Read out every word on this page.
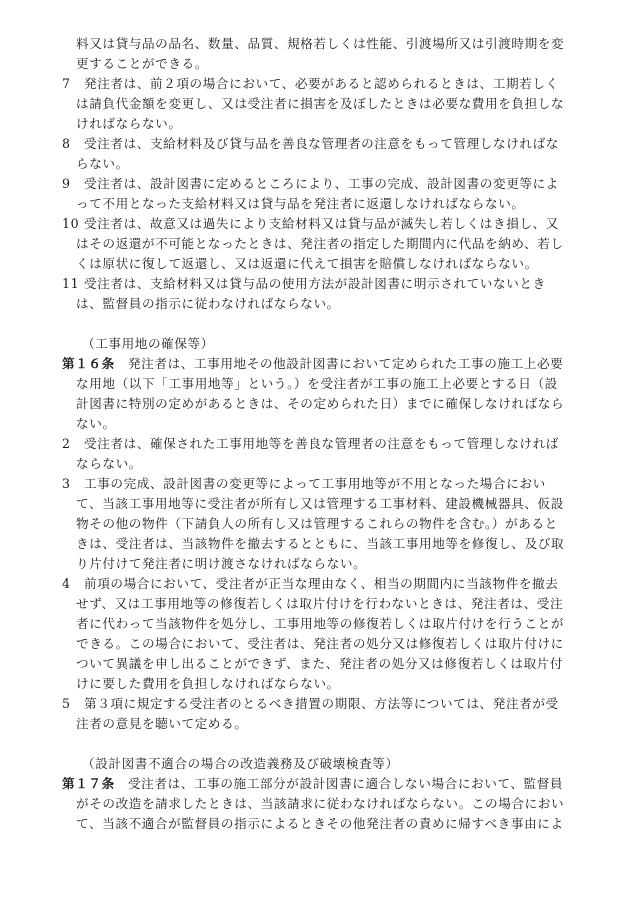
料又は貸与品の品名、数量、品質、規格若しくは性能、引渡場所又は引渡時期を変
更することができる。
7 発注者は、前２項の場合において、必要があると認められるときは、工期若しく
は請負代金額を変更し、又は受注者に損害を及ぼしたときは必要な費用を負担しな
ければならない。
8 受注者は、支給材料及び貸与品を善良な管理者の注意をもって管理しなければな
らない。
9 受注者は、設計図書に定めるところにより、工事の完成、設計図書の変更等によ
って不用となった支給材料又は貸与品を発注者に返還しなければならない。
10 受注者は、故意又は過失により支給材料又は貸与品が滅失し若しくはき損し、又
はその返還が不可能となったときは、発注者の指定した期間内に代品を納め、若し
くは原状に復して返還し、又は返還に代えて損害を賠償しなければならない。
11 受注者は、支給材料又は貸与品の使用方法が設計図書に明示されていないとき
は、監督員の指示に従わなければならない。
（工事用地の確保等）
第１６条　 発注者は、工事用地その他設計図書において定められた工事の施工上必要
な用地（以下「工事用地等」という。）を受注者が工事の施工上必要とする日（設
計図書に特別の定めがあるときは、その定められた日）までに確保しなければなら
ない。
2 受注者は、確保された工事用地等を善良な管理者の注意をもって管理しなければ
ならない。
3 工事の完成、設計図書の変更等によって工事用地等が不用となった場合におい
て、当該工事用地等に受注者が所有し又は管理する工事材料、建設機械器具、仮設
物その他の物件（下請負人の所有し又は管理するこれらの物件を含む。）があると
きは、受注者は、当該物件を撤去するとともに、当該工事用地等を修復し、及び取
り片付けて発注者に明け渡さなければならない。
4 前項の場合において、受注者が正当な理由なく、相当の期間内に当該物件を撤去
せず、又は工事用地等の修復若しくは取片付けを行わないときは、発注者は、受注
者に代わって当該物件を処分し、工事用地等の修復若しくは取片付けを行うことが
できる。この場合において、受注者は、発注者の処分又は修復若しくは取片付けに
ついて異議を申し出ることができず、また、発注者の処分又は修復若しくは取片付
けに要した費用を負担しなければならない。
5 第３項に規定する受注者のとるべき措置の期限、方法等については、発注者が受
注者の意見を聴いて定める。
（設計図書不適合の場合の改造義務及び破壊検査等）
第１７条　 受注者は、工事の施工部分が設計図書に適合しない場合において、監督員
がその改造を請求したときは、当該請求に従わなければならない。この場合におい
て、当該不適合が監督員の指示によるときその他発注者の責めに帰すべき事由によ
